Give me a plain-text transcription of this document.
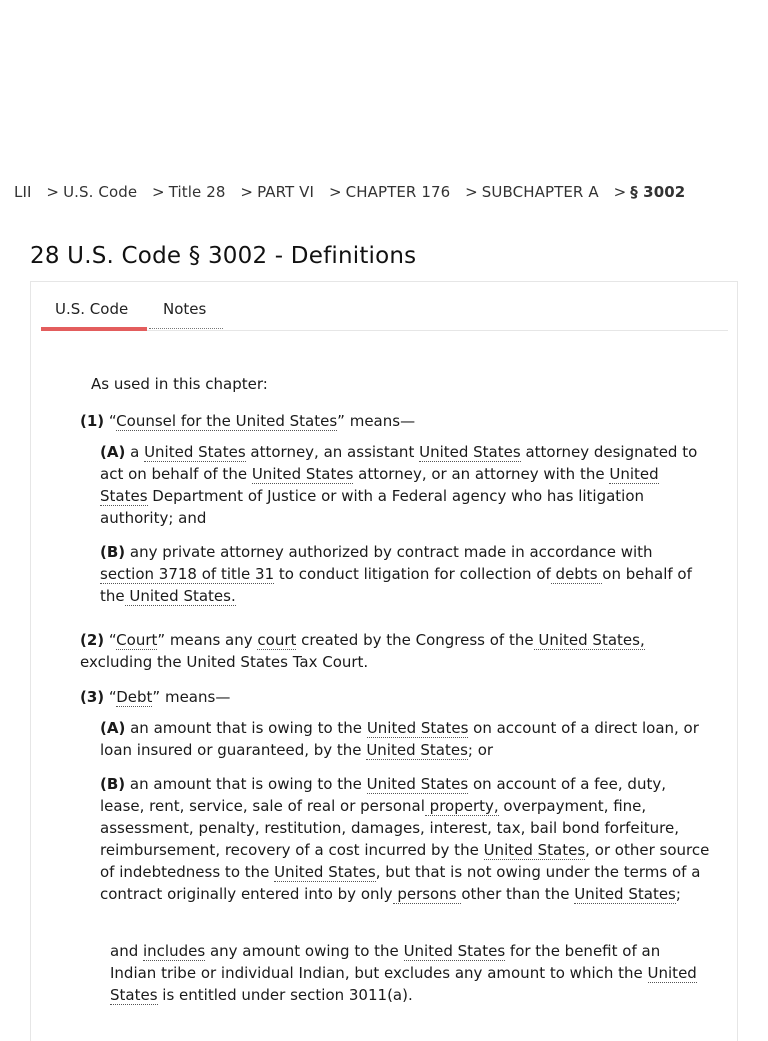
LII > U.S. Code > Title 28 > PART VI > CHAPTER 176 > SUBCHAPTER A > § 3002
28 U.S. Code § 3002 - Definitions
U.S. Code Notes
As used in this chapter:
(1) “Counsel for the United States” means—
(A) a United States attorney, an assistant United States attorney designated to act on behalf of the United States attorney, or an attorney with the United States Department of Justice or with a Federal agency who has litigation authority; and
(B) any private attorney authorized by contract made in accordance with section 3718 of title 31 to conduct litigation for collection of debts on behalf of the United States.
(2) “Court” means any court created by the Congress of the United States, excluding the United States Tax Court.
(3) “Debt” means—
(A) an amount that is owing to the United States on account of a direct loan, or loan insured or guaranteed, by the United States; or
(B) an amount that is owing to the United States on account of a fee, duty, lease, rent, service, sale of real or personal property, overpayment, fine, assessment, penalty, restitution, damages, interest, tax, bail bond forfeiture, reimbursement, recovery of a cost incurred by the United States, or other source of indebtedness to the United States, but that is not owing under the terms of a contract originally entered into by only persons other than the United States;
and includes any amount owing to the United States for the benefit of an Indian tribe or individual Indian, but excludes any amount to which the United States is entitled under section 3011(a).
